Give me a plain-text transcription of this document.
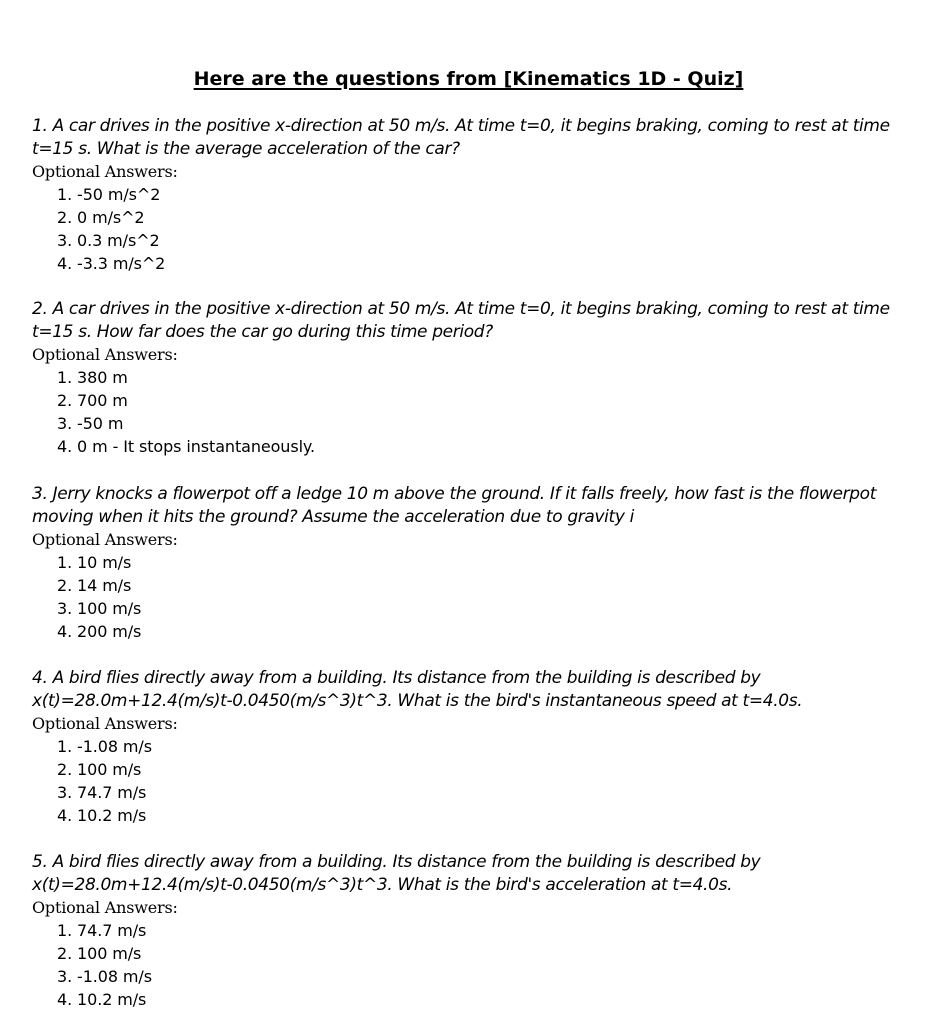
Here are the questions from [Kinematics 1D - Quiz]

1. A car drives in the positive x-direction at 50 m/s. At time t=0, it begins braking, coming to rest at time t=15 s. What is the average acceleration of the car?

Optional Answers:

1. -50 m/s^2
2. 0 m/s^2
3. 0.3 m/s^2
4. -3.3 m/s^2

2. A car drives in the positive x-direction at 50 m/s. At time t=0, it begins braking, coming to rest at time t=15 s. How far does the car go during this time period?

Optional Answers:

1. 380 m
2. 700 m
3. -50 m
4. 0 m - It stops instantaneously.

3. Jerry knocks a flowerpot off a ledge 10 m above the ground. If it falls freely, how fast is the flowerpot moving when it hits the ground? Assume the acceleration due to gravity i

Optional Answers:

1. 10 m/s
2. 14 m/s
3. 100 m/s
4. 200 m/s

4. A bird flies directly away from a building. Its distance from the building is described by x(t)=28.0m+12.4(m/s)t-0.0450(m/s^3)t^3. What is the bird's instantaneous speed at t=4.0s.

Optional Answers:

1. -1.08 m/s
2. 100 m/s
3. 74.7 m/s
4. 10.2 m/s

5. A bird flies directly away from a building. Its distance from the building is described by x(t)=28.0m+12.4(m/s)t-0.0450(m/s^3)t^3. What is the bird's acceleration at t=4.0s.

Optional Answers:

1. 74.7 m/s
2. 100 m/s
3. -1.08 m/s
4. 10.2 m/s
